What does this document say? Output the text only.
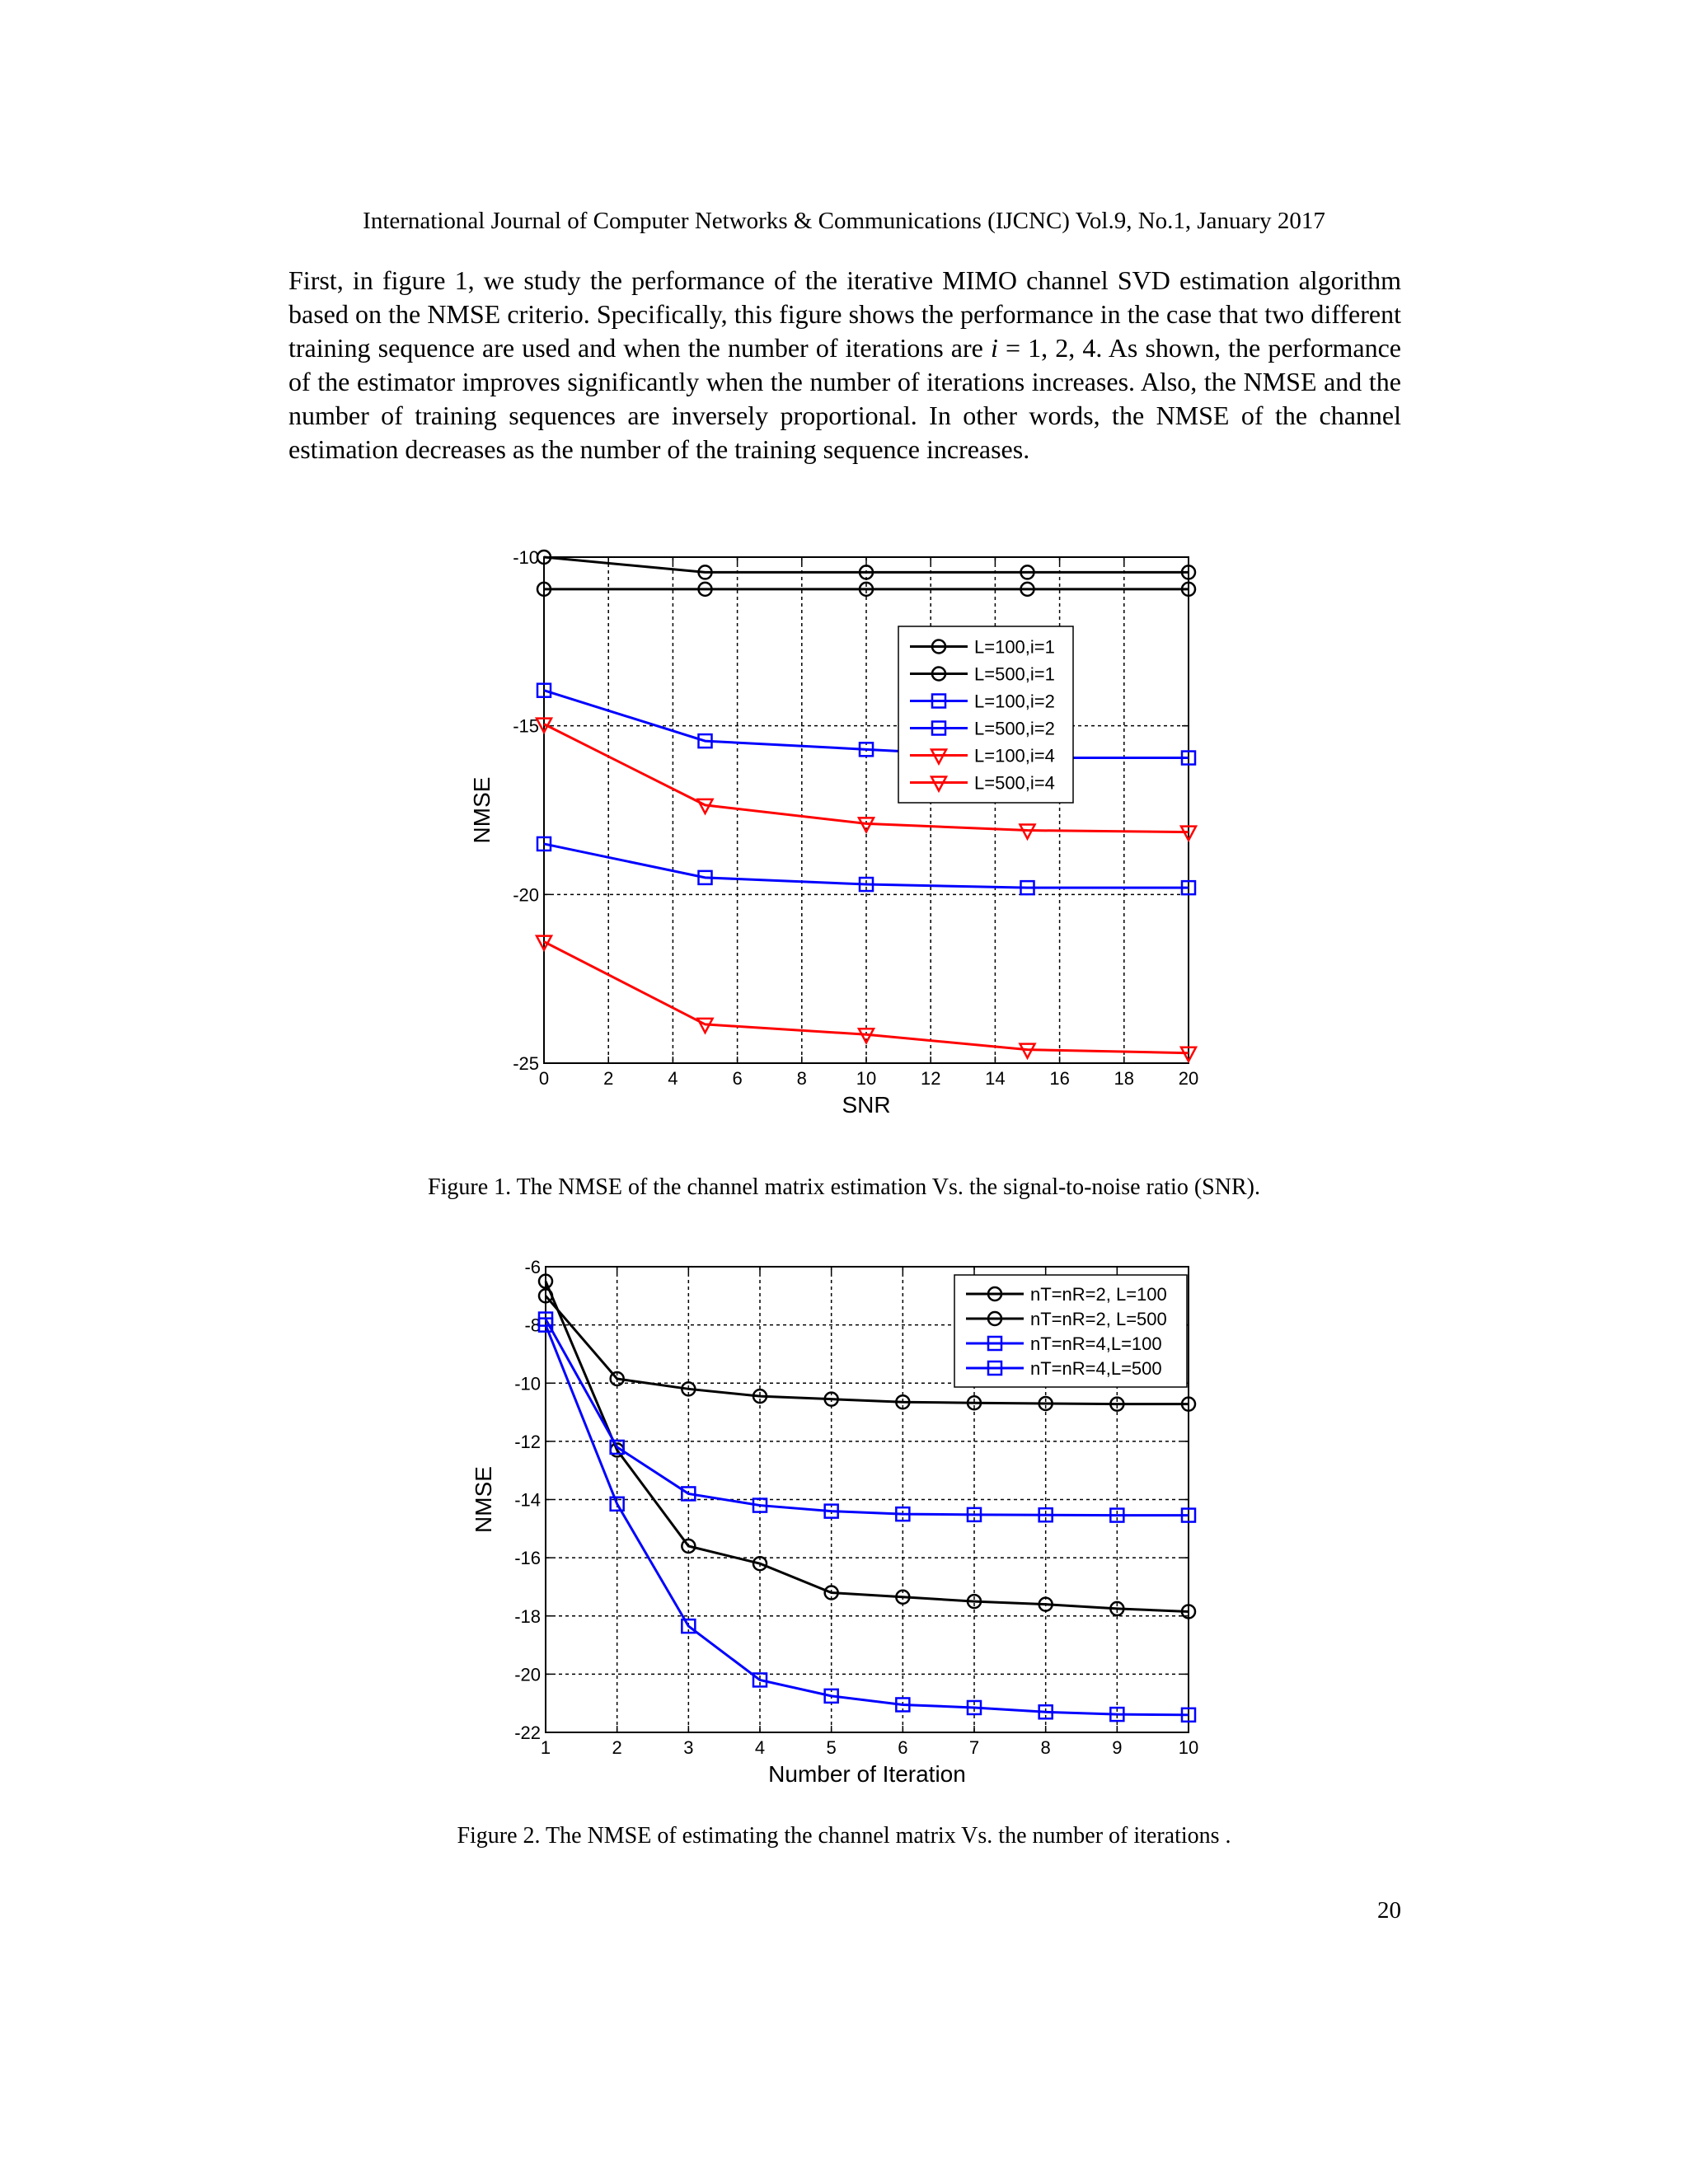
International Journal of Computer Networks & Communications (IJCNC) Vol.9, No.1, January 2017
First, in figure 1, we study the performance of the iterative MIMO channel SVD estimation algorithm based on the NMSE criterio. Specifically, this figure shows the performance in the case that two different training sequence are used and when the number of iterations are i = 1, 2, 4. As shown, the performance of the estimator improves significantly when the number of iterations increases. Also, the NMSE and the number of training sequences are inversely proportional. In other words, the NMSE of the channel estimation decreases as the number of the training sequence increases.
0	2	4	6	8	10 12 14 16 18 20
-25
-20
-15
-10
SNR
NMSE
L=100,i=1
L=500,i=1
L=100,i=2
L=500,i=2
L=100,i=4
L=500,i=4
Figure 1. The NMSE of the channel matrix estimation Vs. the signal-to-noise ratio (SNR).
1	2	3	4	5	6	7	8	9	10
-22
-20
-18
-16
-14
-12
-10
-8
-6
Number of Iteration
NMSE
nT=nR=2, L=100
nT=nR=2, L=500
nT=nR=4,L=100
nT=nR=4,L=500
Figure 2. The NMSE of estimating the channel matrix Vs. the number of iterations .
20
